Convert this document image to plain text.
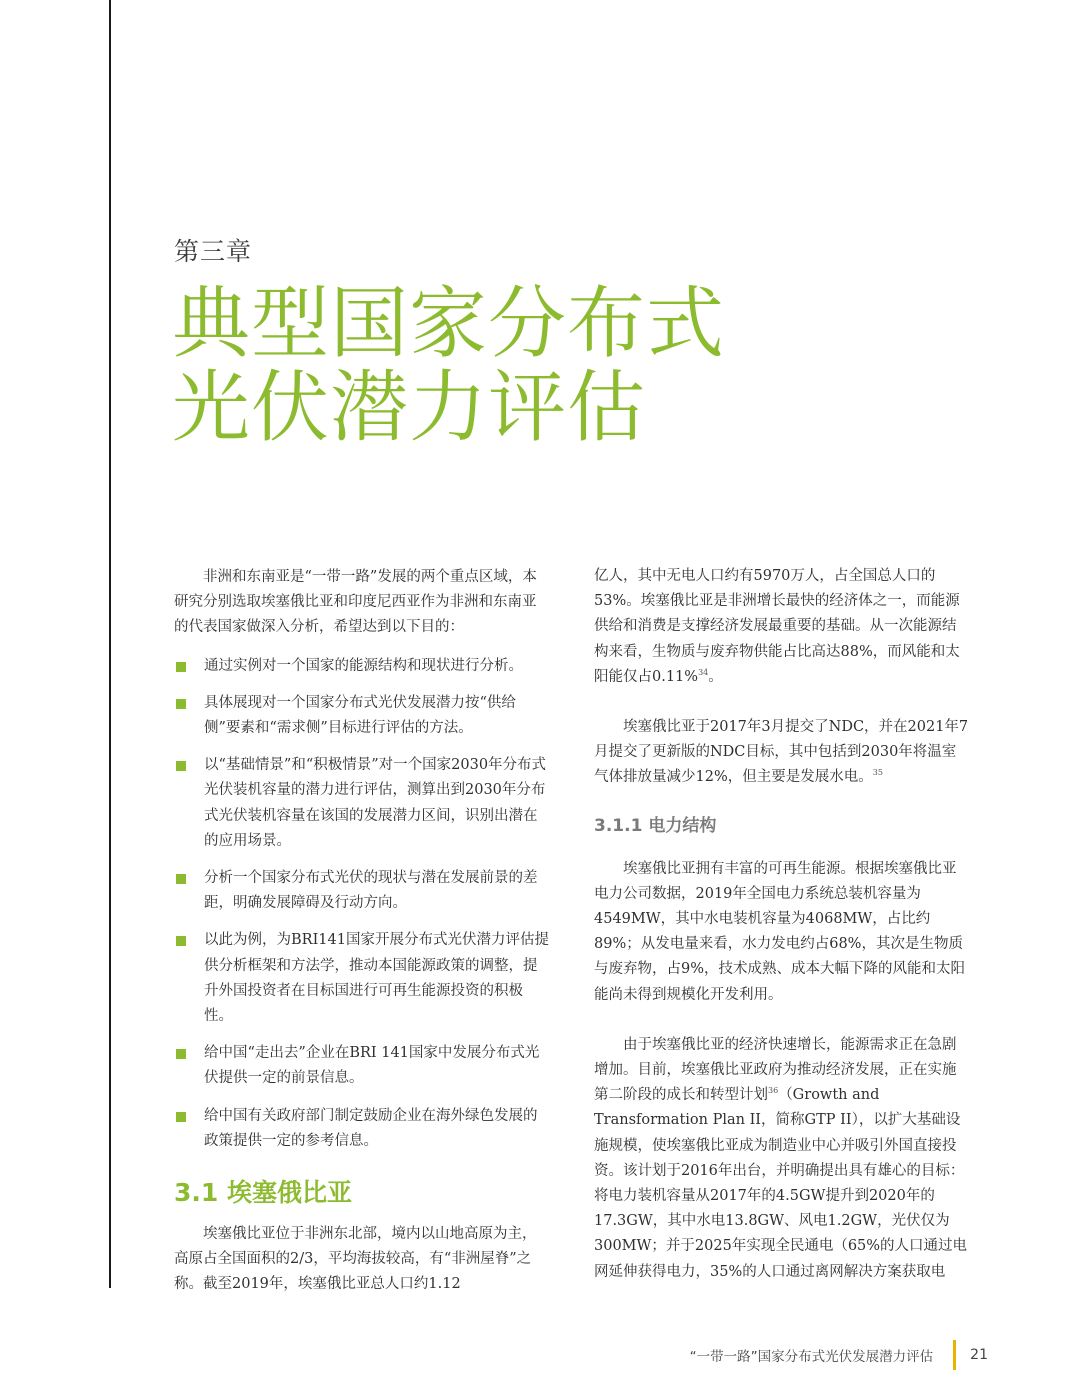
第三章
典型国家分布式
光伏潜力评估

非洲和东南亚是“一带一路”发展的两个重点区域，本研究分别选取埃塞俄比亚和印度尼西亚作为非洲和东南亚的代表国家做深入分析，希望达到以下目的：

通过实例对一个国家的能源结构和现状进行分析。
具体展现对一个国家分布式光伏发展潜力按“供给侧”要素和“需求侧”目标进行评估的方法。
以“基础情景”和“积极情景”对一个国家2030年分布式光伏装机容量的潜力进行评估，测算出到2030年分布式光伏装机容量在该国的发展潜力区间，识别出潜在的应用场景。
分析一个国家分布式光伏的现状与潜在发展前景的差距，明确发展障碍及行动方向。
以此为例，为BRI141国家开展分布式光伏潜力评估提供分析框架和方法学，推动本国能源政策的调整，提升外国投资者在目标国进行可再生能源投资的积极性。
给中国“走出去”企业在BRI 141国家中发展分布式光伏提供一定的前景信息。
给中国有关政府部门制定鼓励企业在海外绿色发展的政策提供一定的参考信息。
3.1 埃塞俄比亚

埃塞俄比亚位于非洲东北部，境内以山地高原为主，高原占全国面积的2/3，平均海拔较高，有“非洲屋脊”之称。截至2019年，埃塞俄比亚总人口约1.12

亿人，其中无电人口约有5970万人，占全国总人口的53%。埃塞俄比亚是非洲增长最快的经济体之一，而能源供给和消费是支撑经济发展最重要的基础。从一次能源结构来看，生物质与废弃物供能占比高达88%，而风能和太阳能仅占0.11%$^{34}$。

埃塞俄比亚于2017年3月提交了NDC，并在2021年7月提交了更新版的NDC目标，其中包括到2030年将温室气体排放量减少12%，但主要是发展水电。$^{35}$

3.1.1 电力结构

埃塞俄比亚拥有丰富的可再生能源。根据埃塞俄比亚电力公司数据，2019年全国电力系统总装机容量为4549MW，其中水电装机容量为4068MW，占比约89%；从发电量来看，水力发电约占68%，其次是生物质与废弃物，占9%，技术成熟、成本大幅下降的风能和太阳能尚未得到规模化开发利用。

由于埃塞俄比亚的经济快速增长，能源需求正在急剧增加。目前，埃塞俄比亚政府为推动经济发展，正在实施第二阶段的成长和转型计划$^{36}$（Growth and Transformation Plan II，简称GTP II），以扩大基础设施规模，使埃塞俄比亚成为制造业中心并吸引外国直接投资。该计划于2016年出台，并明确提出具有雄心的目标：将电力装机容量从2017年的4.5GW提升到2020年的17.3GW，其中水电13.8GW、风电1.2GW，光伏仅为300MW；并于2025年实现全民通电（65%的人口通过电网延伸获得电力，35%的人口通过离网解决方案获取电

“一带一路”国家分布式光伏发展潜力评估	21
